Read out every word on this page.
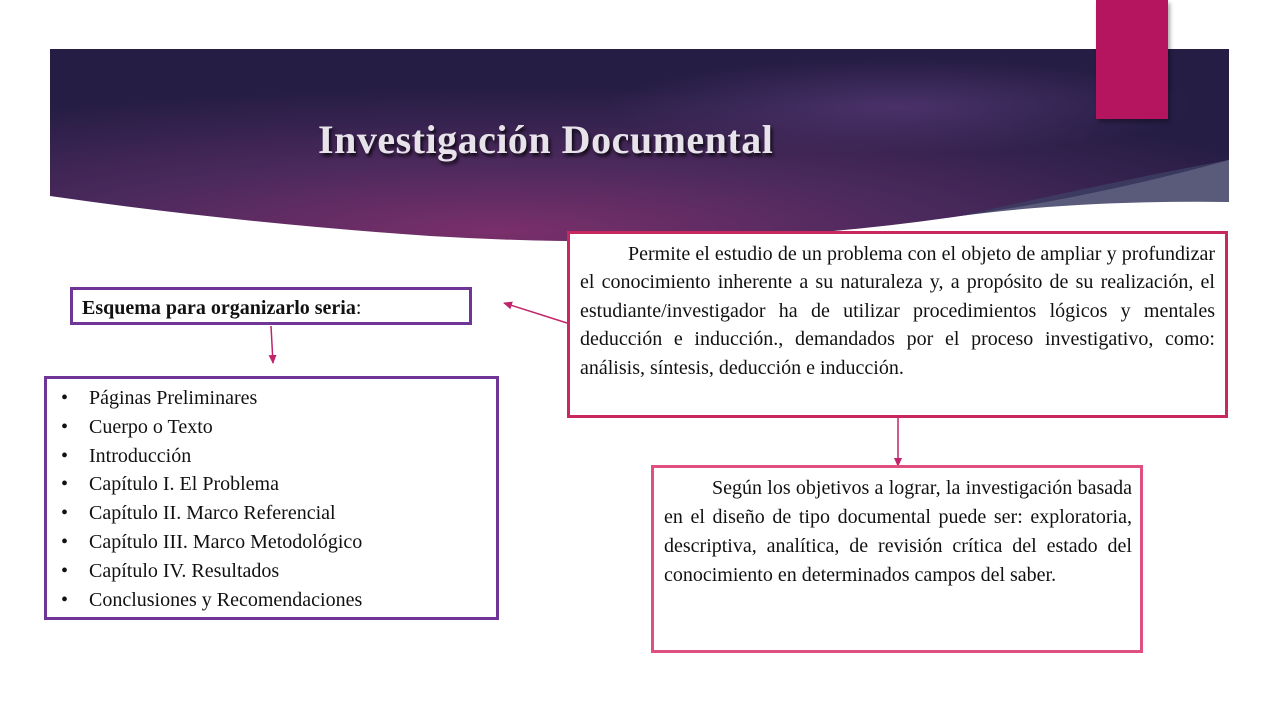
Investigación Documental
Esquema para organizarlo seria:
• Páginas Preliminares
• Cuerpo o Texto
• Introducción
• Capítulo I. El Problema
• Capítulo II. Marco Referencial
• Capítulo III. Marco Metodológico
• Capítulo IV. Resultados
• Conclusiones y Recomendaciones
Permite el estudio de un problema con el objeto de ampliar y profundizar el conocimiento inherente a su naturaleza y, a propósito de su realización, el estudiante/investigador ha de utilizar procedimientos lógicos y mentales deducción e inducción., demandados por el proceso investigativo, como: análisis, síntesis, deducción e inducción.
Según los objetivos a lograr, la investigación basada en el diseño de tipo documental puede ser: exploratoria, descriptiva, analítica, de revisión crítica del estado del conocimiento en determinados campos del saber.
